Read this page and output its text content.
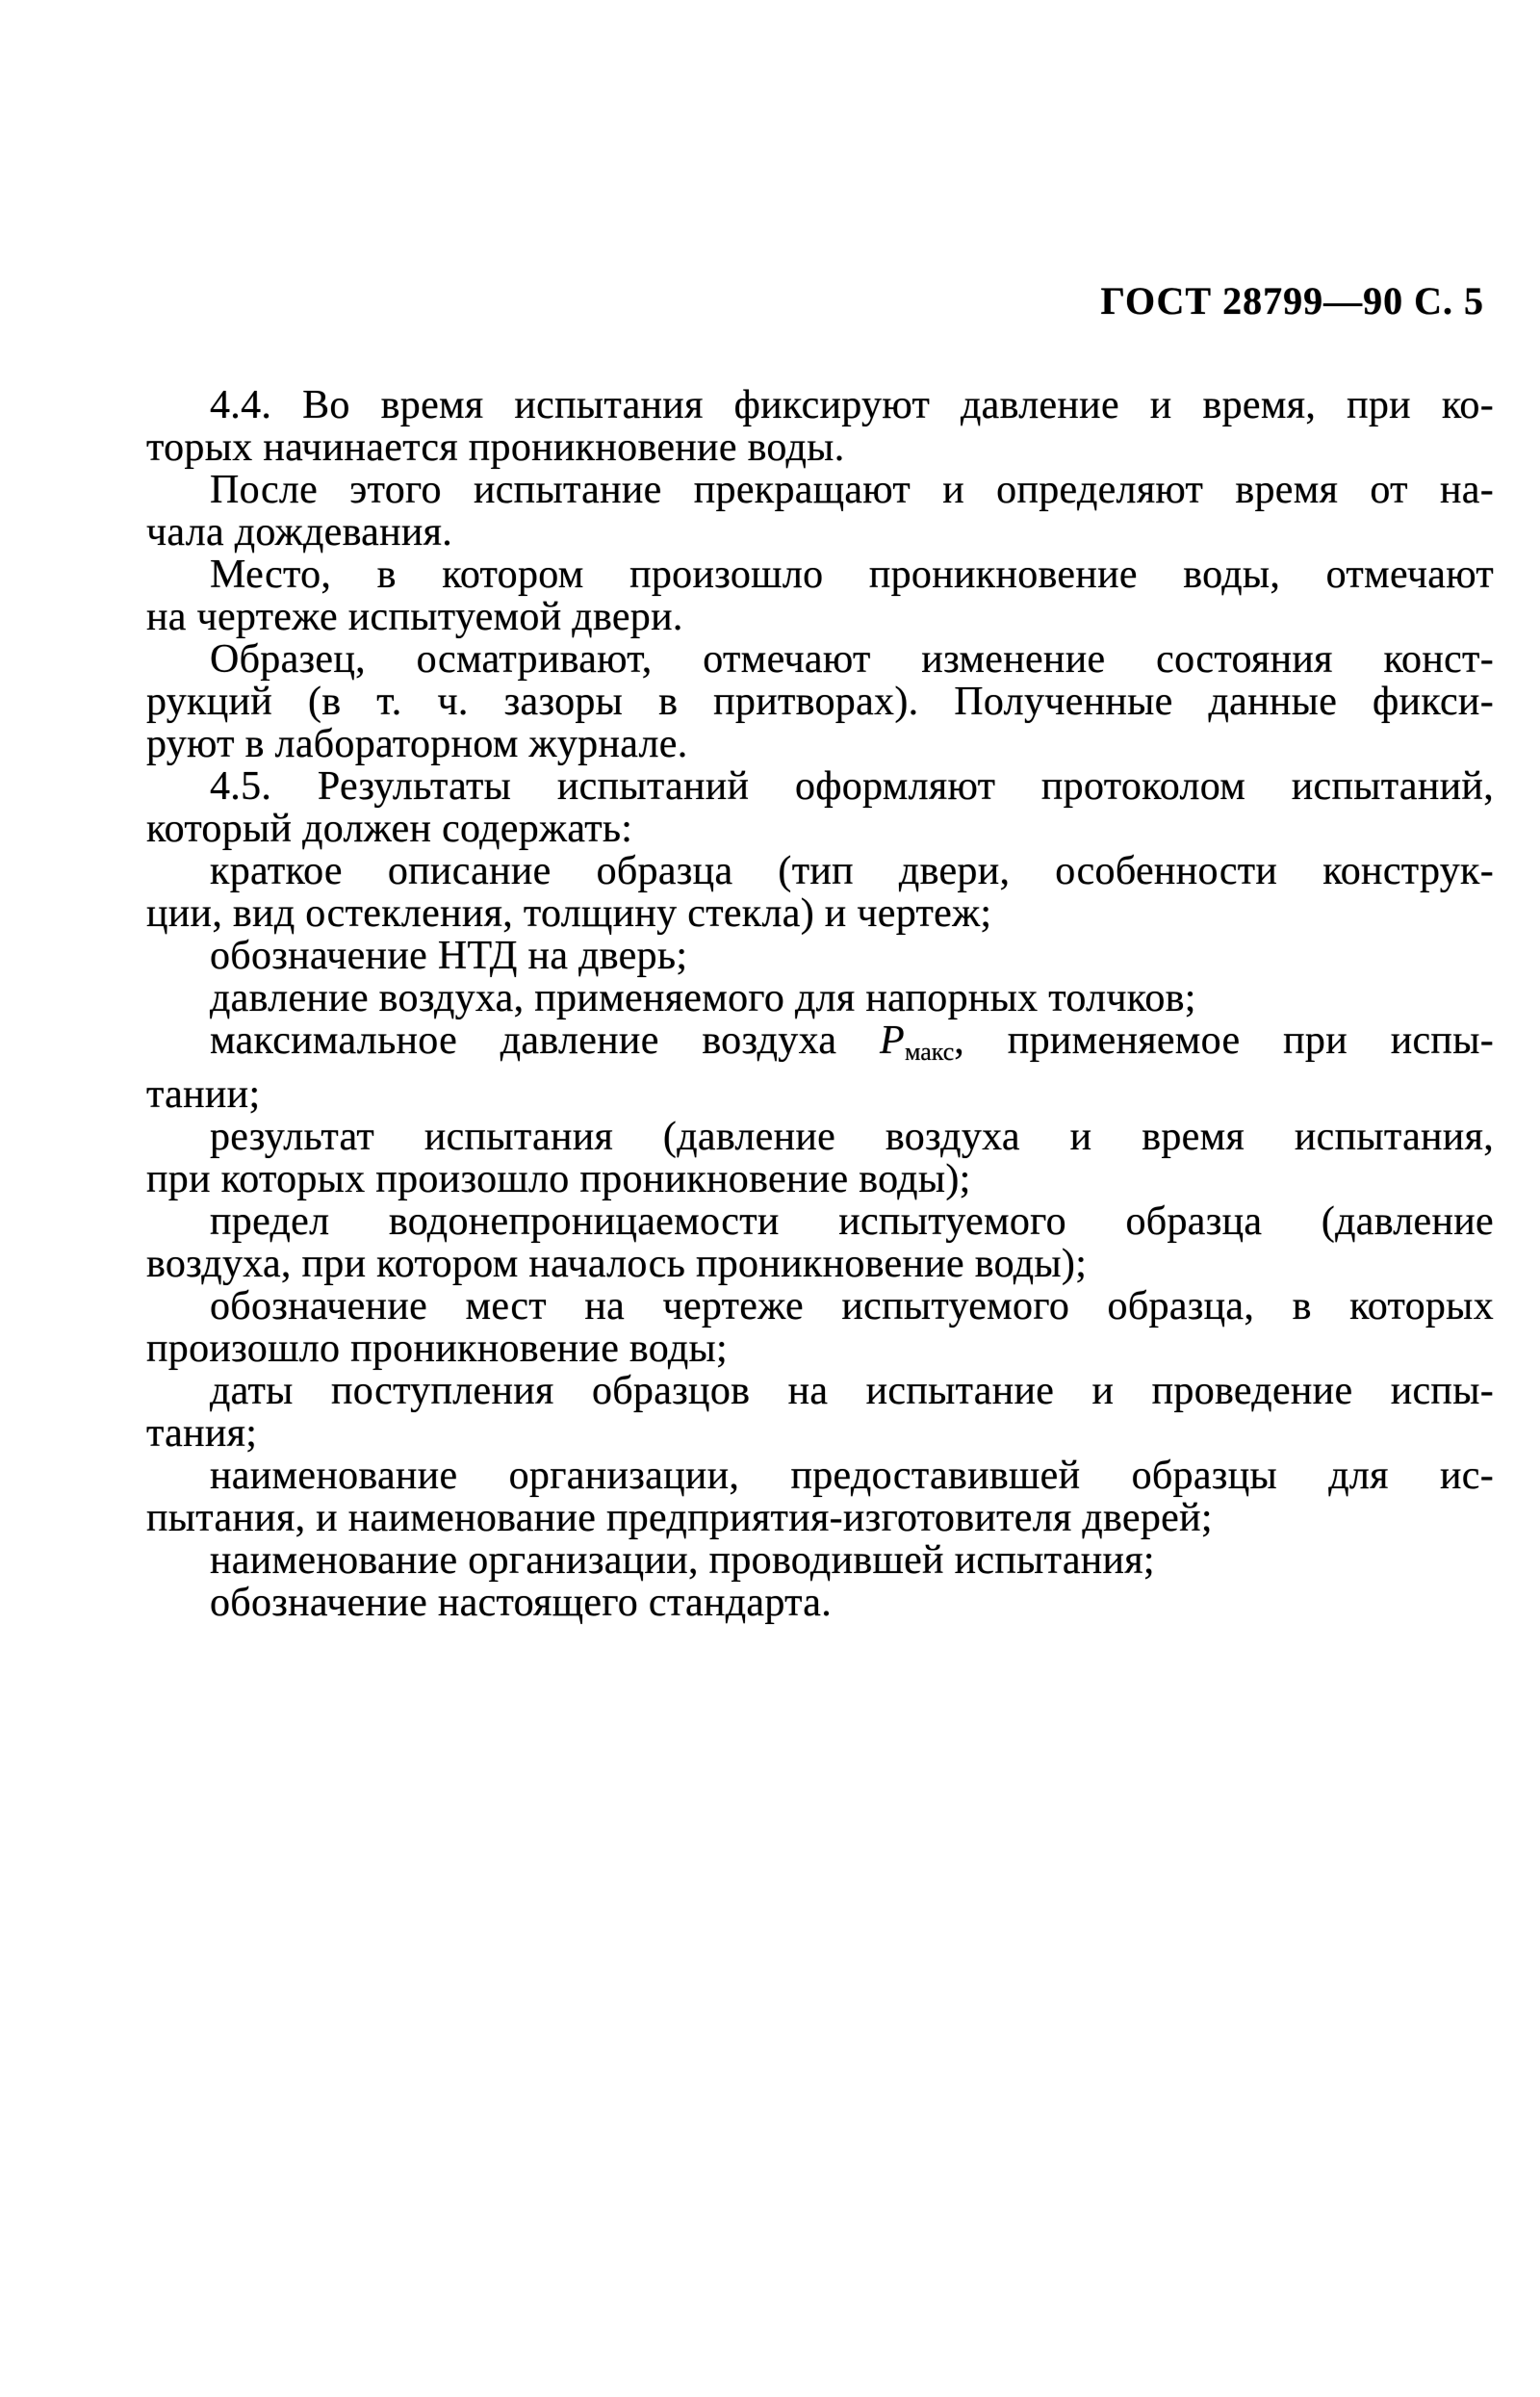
ГОСТ 28799—90 С. 5
4.4. Во время испытания фиксируют давление и время, при ко-
торых начинается проникновение воды.
После этого испытание прекращают и определяют время от на-
чала дождевания.
Место, в котором произошло проникновение воды, отмечают
на чертеже испытуемой двери.
Образец, осматривают, отмечают изменение состояния конст-
рукций (в т. ч. зазоры в притворах). Полученные данные фикси-
руют в лабораторном журнале.
4.5. Результаты испытаний оформляют протоколом испытаний,
который должен содержать:
краткое описание образца (тип двери, особенности конструк-
ции, вид остекления, толщину стекла) и чертеж;
обозначение НТД на дверь;
давление воздуха, применяемого для напорных толчков;
максимальное давление воздуха $Р_{макс}$, применяемое при испы-
тании;
результат испытания (давление воздуха и время испытания,
при которых произошло проникновение воды);
предел водонепроницаемости испытуемого образца (давление
воздуха, при котором началось проникновение воды);
обозначение мест на чертеже испытуемого образца, в которых
произошло проникновение воды;
даты поступления образцов на испытание и проведение испы-
тания;
наименование организации, предоставившей образцы для ис-
пытания, и наименование предприятия-изготовителя дверей;
наименование организации, проводившей испытания;
обозначение настоящего стандарта.
